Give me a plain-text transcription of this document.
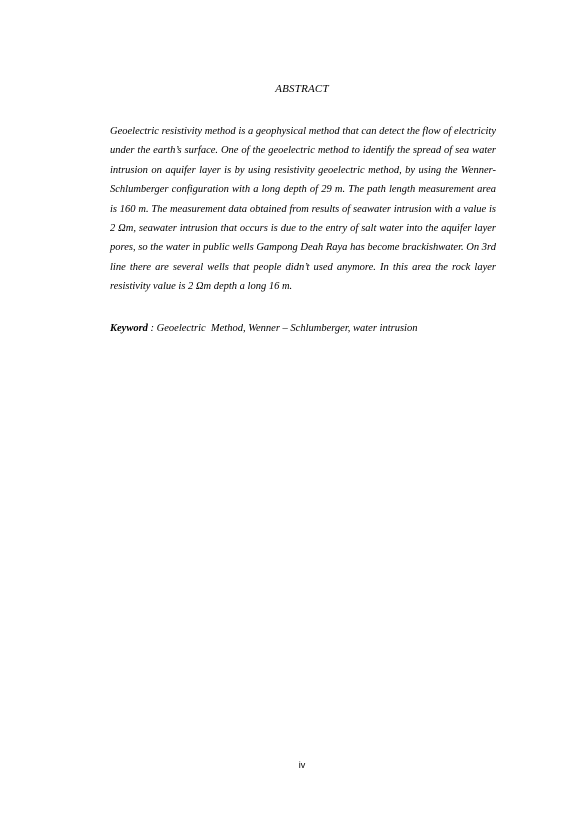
ABSTRACT

Geoelectric resistivity method is a geophysical method that can detect the flow of electricity under the earth’s surface. One of the geoelectric method to identify the spread of sea water intrusion on aquifer layer is by using resistivity geoelectric method, by using the Wenner-Schlumberger configuration with a long depth of 29 m. The path length measurement area is 160 m. The measurement data obtained from results of seawater intrusion with a value is 2 Ωm, seawater intrusion that occurs is due to the entry of salt water into the aquifer layer pores, so the water in public wells Gampong Deah Raya has become brackishwater. On 3rd line there are several wells that people didn’t used anymore. In this area the rock layer resistivity value is 2 Ωm depth a long 16 m.

Keyword : Geoelectric  Method, Wenner – Schlumberger, water intrusion
iv
